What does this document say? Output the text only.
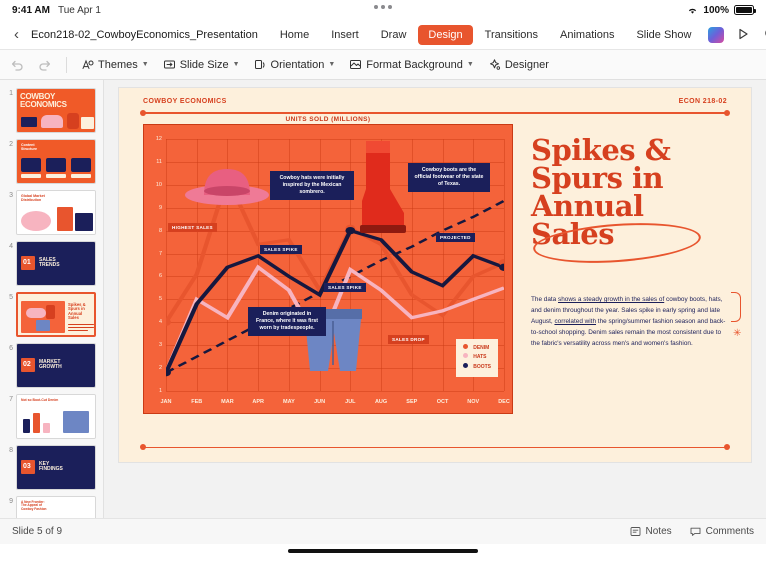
9:41 AM Tue Apr 1	100%
‹	Econ218-02_CowboyEconomics_Presentation	Home	Insert	Draw	Design	Transitions	Animations	Slide Show
Themes ▼	Slide Size ▼	Orientation ▼	Format Background ▼	Designer
1 COWBOY
ECONOMICS
2 Content
Structure
3 Global Market
Distribution
4
01 SALES
TRENDS
5
Spikes &
Spurs in
Annual
Sales
6
02 MARKET
GROWTH
7 Not so Boot-Cut Denim
8
03 KEY
FINDINGS
9	A New Frontier:
The Appeal of
Cowboy Fashion
COWBOY ECONOMICS	ECON 218-02
UNITS SOLD (MILLIONS)
12
11
10
9
8
7
6
5
4
3
2
1
JAN	FEB	MAR	APR	MAY	JUN	JUL	AUG	SEP	OCT	NOV	DEC
Cowboy hats were initially inspired by the Mexican sombrero.
Cowboy boots are the official footwear of the state of Texas.
Denim originated in France, where it was first worn by tradespeople.
HIGHEST SALES
SALES SPIKE
SALES SPIKE
SALES DROP
PROJECTED
DENIM
HATS
BOOTS
Spikes &
Spurs in
Annual
Sales
The data shows a steady growth in the sales of cowboy boots, hats, and denim throughout the year. Sales spike in early spring and late August, correlated with the spring/summer fashion season and back-to-school shopping. Denim sales remain the most consistent due to the fabric's versatility across men's and women's fashion.
✳
Slide 5 of 9	Notes	Comments
